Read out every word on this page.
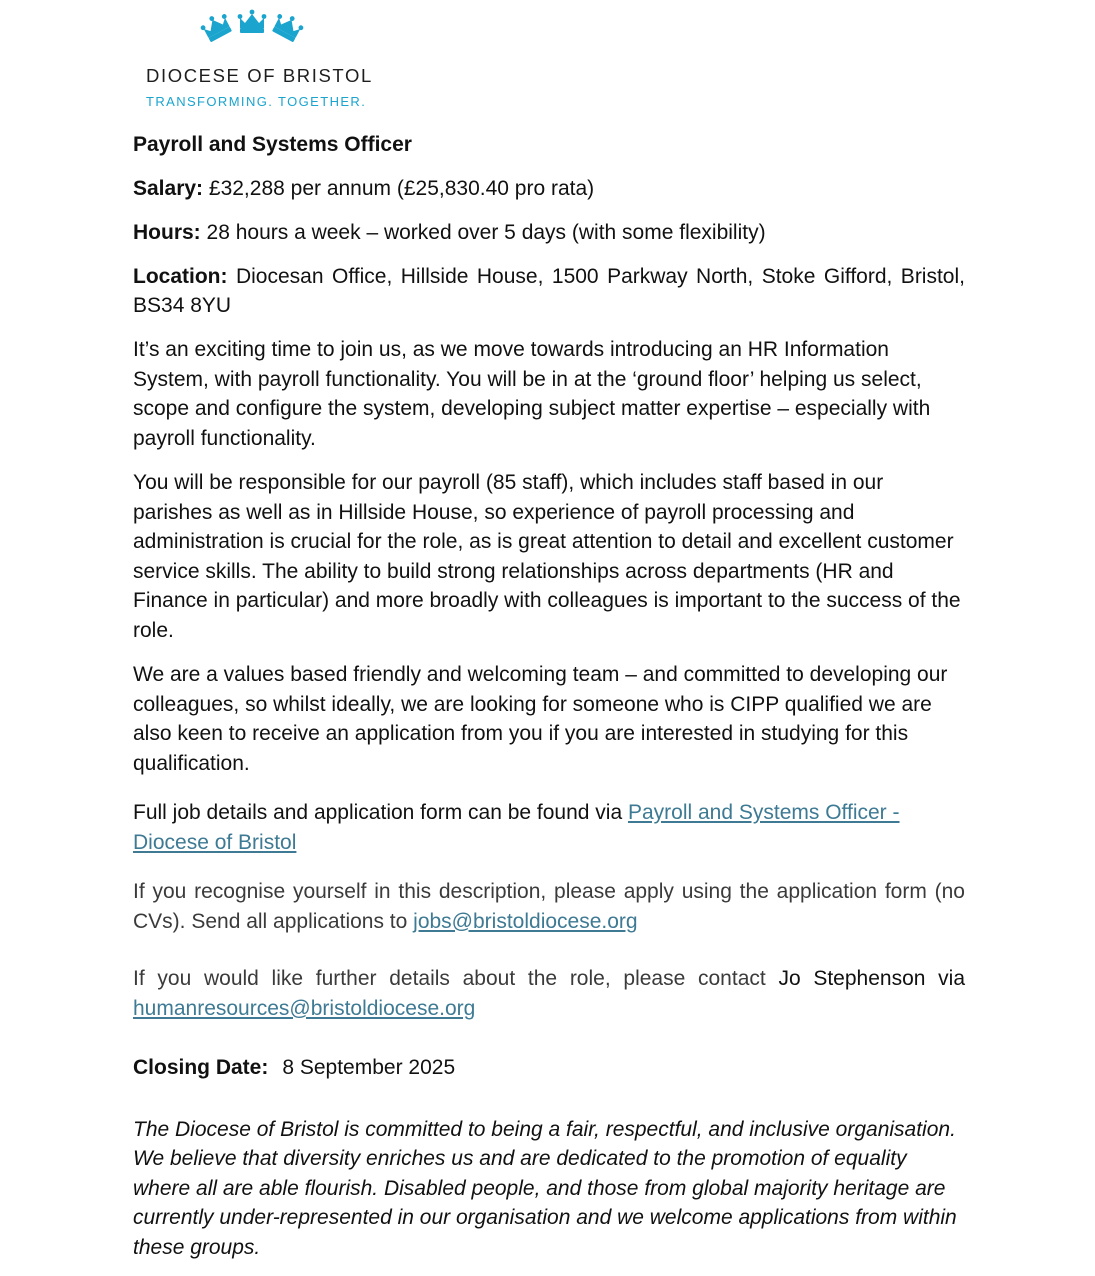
DIOCESE OF BRISTOL
TRANSFORMING. TOGETHER.

Payroll and Systems Officer

Salary: £32,288 per annum (£25,830.40 pro rata)

Hours: 28 hours a week – worked over 5 days (with some flexibility)

Location: Diocesan Office, Hillside House, 1500 Parkway North, Stoke Gifford, Bristol, BS34 8YU

It’s an exciting time to join us, as we move towards introducing an HR Information System, with payroll functionality. You will be in at the ‘ground floor’ helping us select, scope and configure the system, developing subject matter expertise – especially with payroll functionality.

You will be responsible for our payroll (85 staff), which includes staff based in our parishes as well as in Hillside House, so experience of payroll processing and administration is crucial for the role, as is great attention to detail and excellent customer service skills. The ability to build strong relationships across departments (HR and Finance in particular) and more broadly with colleagues is important to the success of the role.

We are a values based friendly and welcoming team – and committed to developing our colleagues, so whilst ideally, we are looking for someone who is CIPP qualified we are also keen to receive an application from you if you are interested in studying for this qualification.

Full job details and application form can be found via Payroll and Systems Officer - Diocese of Bristol

If you recognise yourself in this description, please apply using the application form (no CVs). Send all applications to jobs@bristoldiocese.org

If you would like further details about the role, please contact Jo Stephenson via humanresources@bristoldiocese.org

Closing Date: 8 September 2025

The Diocese of Bristol is committed to being a fair, respectful, and inclusive organisation. We believe that diversity enriches us and are dedicated to the promotion of equality where all are able flourish. Disabled people, and those from global majority heritage are currently under-represented in our organisation and we welcome applications from within these groups.
